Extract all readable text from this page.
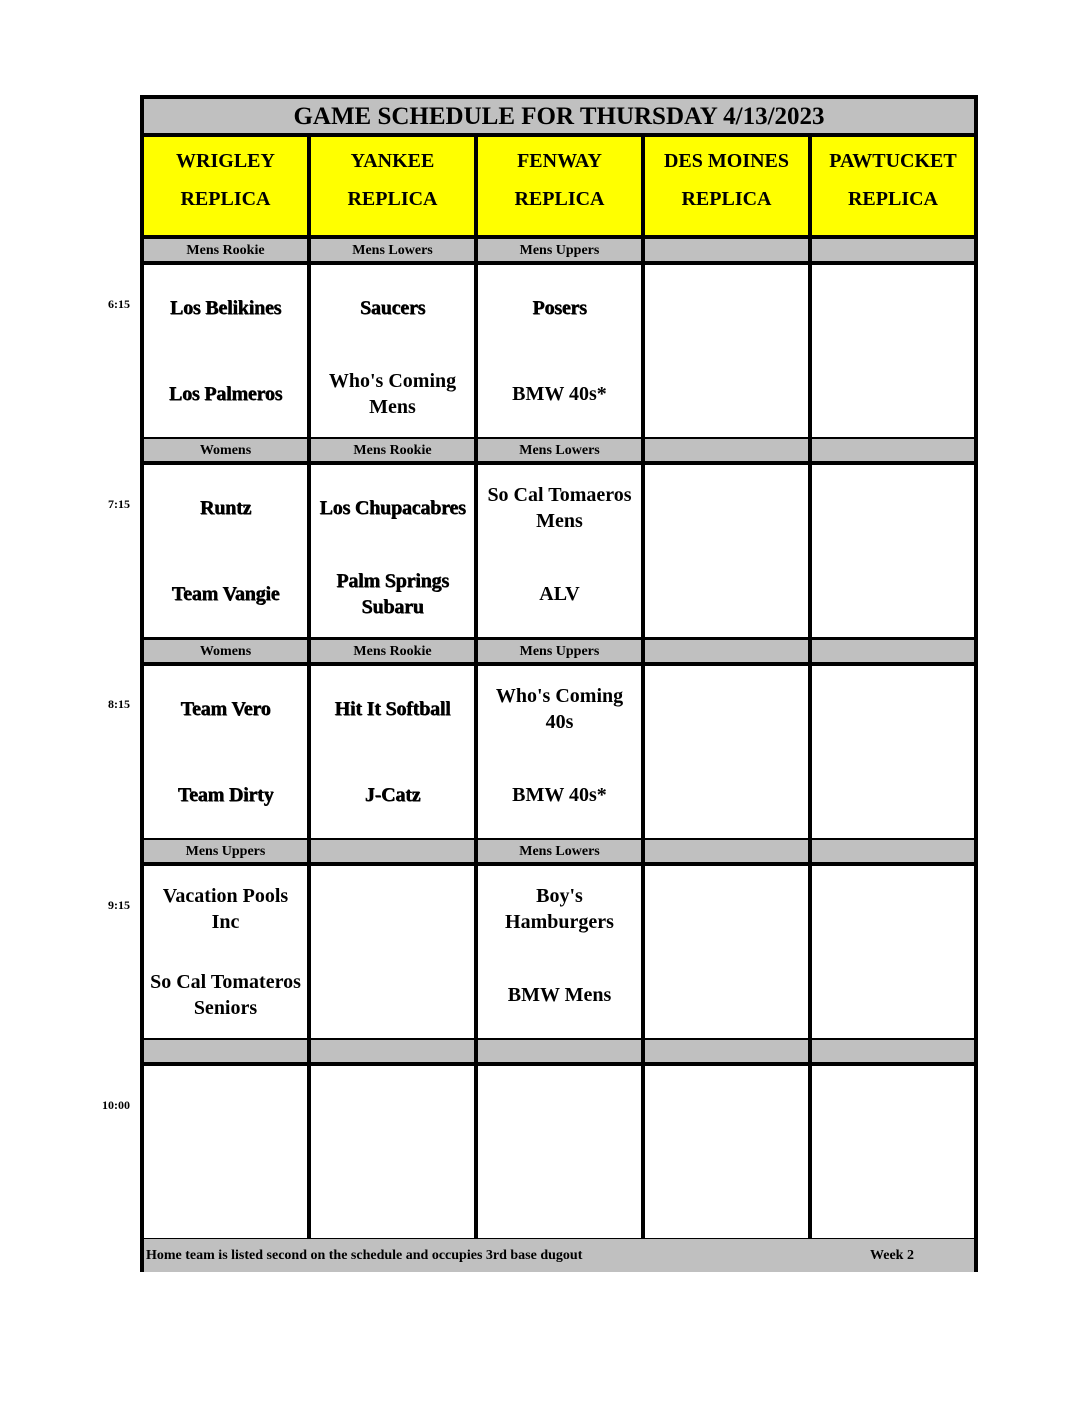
GAME SCHEDULE FOR THURSDAY 4/13/2023
WRIGLEY
REPLICA
YANKEE
REPLICA
FENWAY
REPLICA
DES MOINES
REPLICA
PAWTUCKET
REPLICA
Mens Rookie
Los Belikines
Los Palmeros
Mens Lowers
Saucers
Who's Coming
Mens
Mens Uppers
Posers
BMW 40s*
Womens
Runtz
Team Vangie
Mens Rookie
Los Chupacabres
Palm Springs
Subaru
Mens Lowers
So Cal Tomaeros
Mens
ALV
Womens
Team Vero
Team Dirty
Mens Rookie
Hit It Softball
J-Catz
Mens Uppers
Who's Coming
40s
BMW 40s*
Mens Uppers
Vacation Pools
Inc
So Cal Tomateros
Seniors
Mens Lowers
Boy's
Hamburgers
BMW Mens
Home team is listed second on the schedule and occupies 3rd base dugout	Week 2
6:15
7:15
8:15
9:15
10:00
